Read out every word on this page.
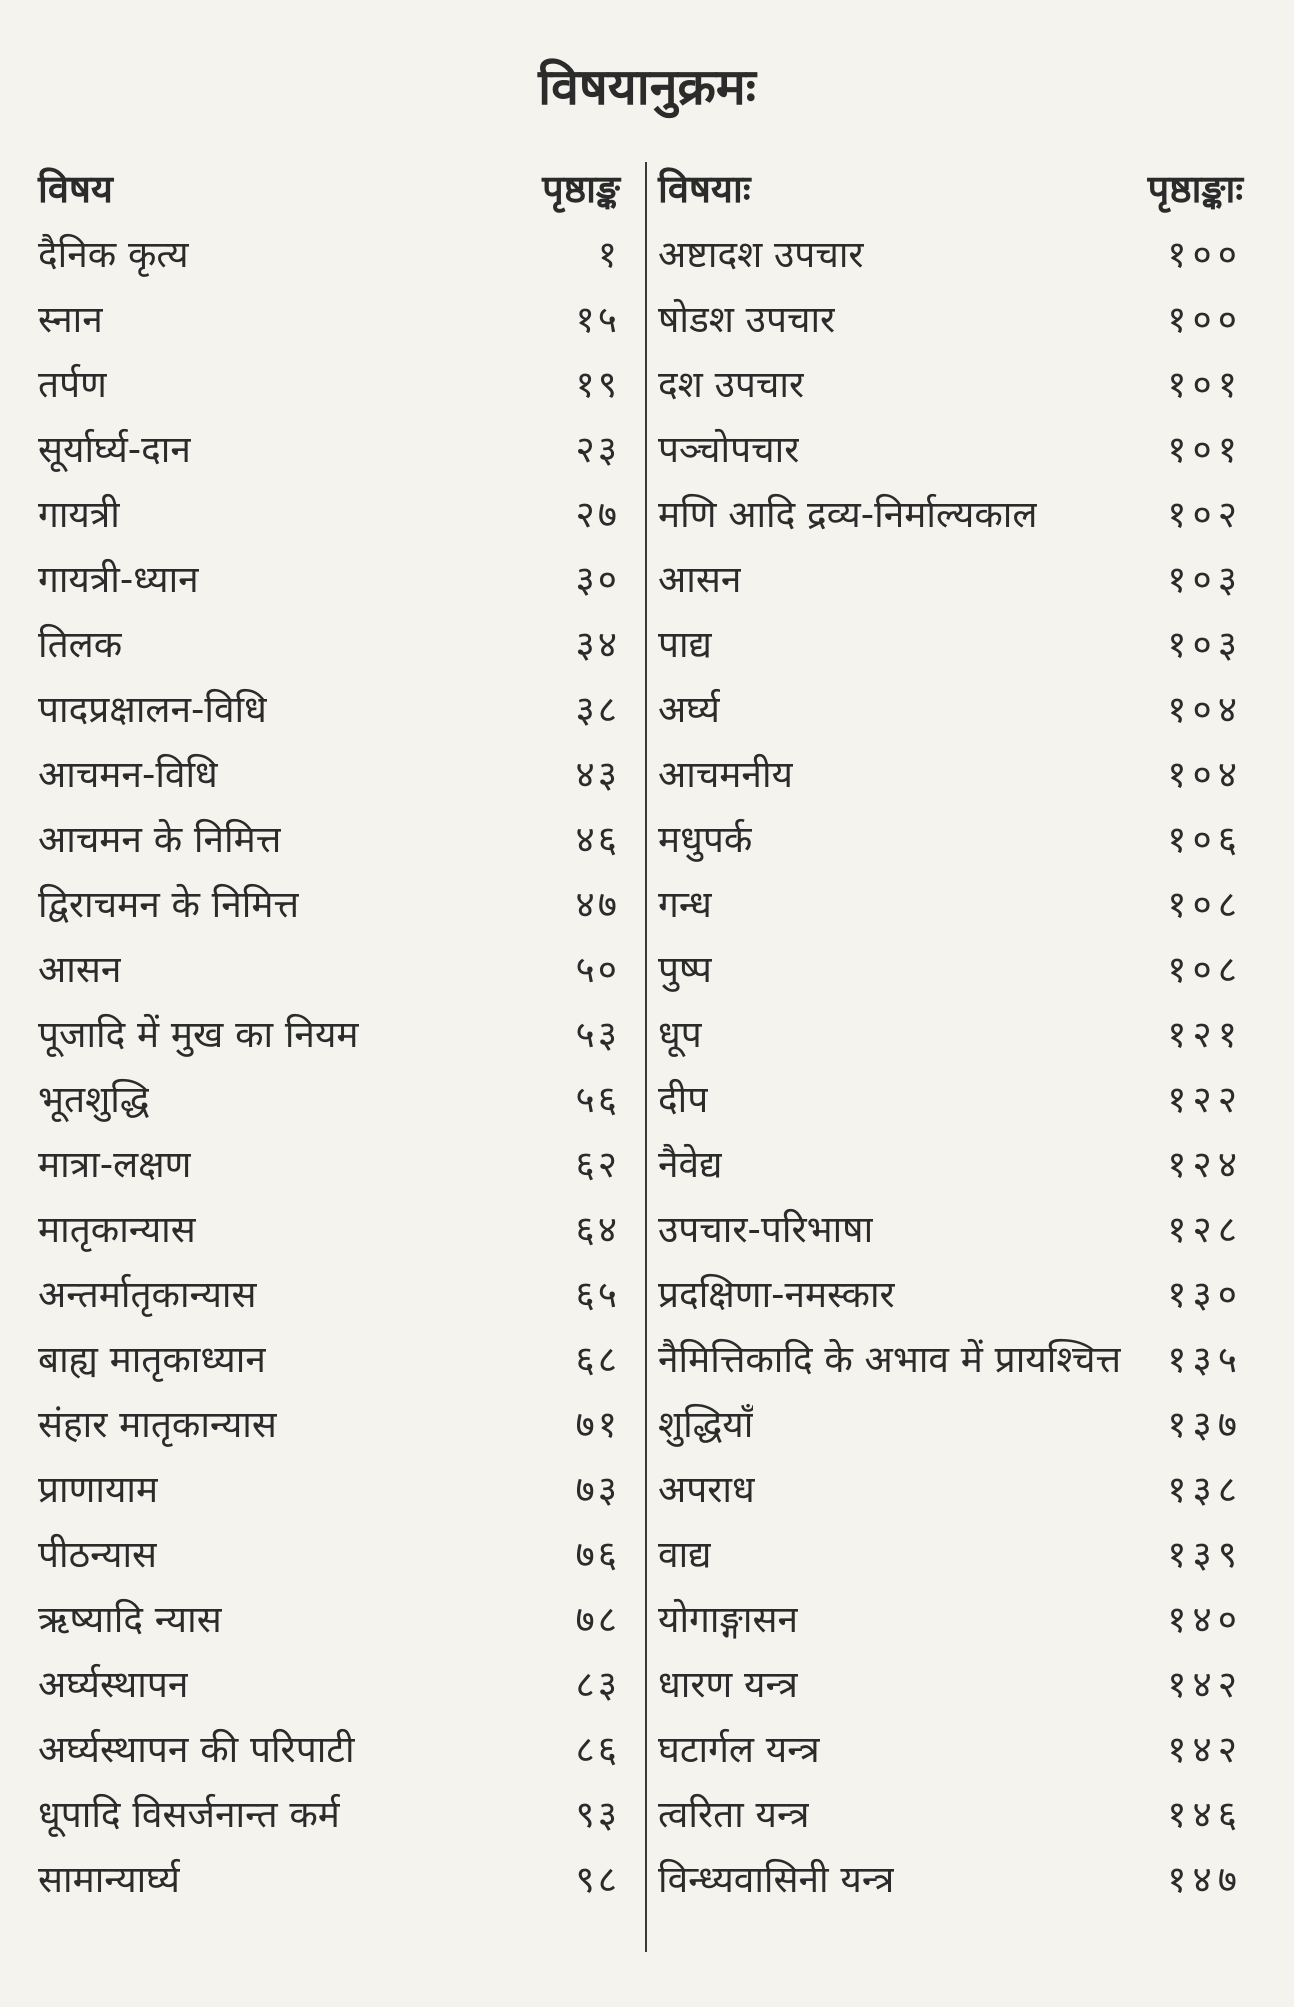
विषयानुक्रमः
विषय	पृष्ठाङ्क
दैनिक कृत्य	१
स्नान	१५
तर्पण	१९
सूर्यार्घ्य-दान	२३
गायत्री	२७
गायत्री-ध्यान	३०
तिलक	३४
पादप्रक्षालन-विधि	३८
आचमन-विधि	४३
आचमन के निमित्त	४६
द्विराचमन के निमित्त	४७
आसन	५०
पूजादि में मुख का नियम	५३
भूतशुद्धि	५६
मात्रा-लक्षण	६२
मातृकान्यास	६४
अन्तर्मातृकान्यास	६५
बाह्य मातृकाध्यान	६८
संहार मातृकान्यास	७१
प्राणायाम	७३
पीठन्यास	७६
ऋष्यादि न्यास	७८
अर्घ्यस्थापन	८३
अर्घ्यस्थापन की परिपाटी	८६
धूपादि विसर्जनान्त कर्म	९३
सामान्यार्घ्य	९८
विषयाः	पृष्ठाङ्काः
अष्टादश उपचार	१००
षोडश उपचार	१००
दश उपचार	१०१
पञ्चोपचार	१०१
मणि आदि द्रव्य-निर्माल्यकाल	१०२
आसन	१०३
पाद्य	१०३
अर्घ्य	१०४
आचमनीय	१०४
मधुपर्क	१०६
गन्ध	१०८
पुष्प	१०८
धूप	१२१
दीप	१२२
नैवेद्य	१२४
उपचार-परिभाषा	१२८
प्रदक्षिणा-नमस्कार	१३०
नैमित्तिकादि के अभाव में प्रायश्चित्त १३५
शुद्धियाँ	१३७
अपराध	१३८
वाद्य	१३९
योगाङ्गासन	१४०
धारण यन्त्र	१४२
घटार्गल यन्त्र	१४२
त्वरिता यन्त्र	१४६
विन्ध्यवासिनी यन्त्र	१४७
